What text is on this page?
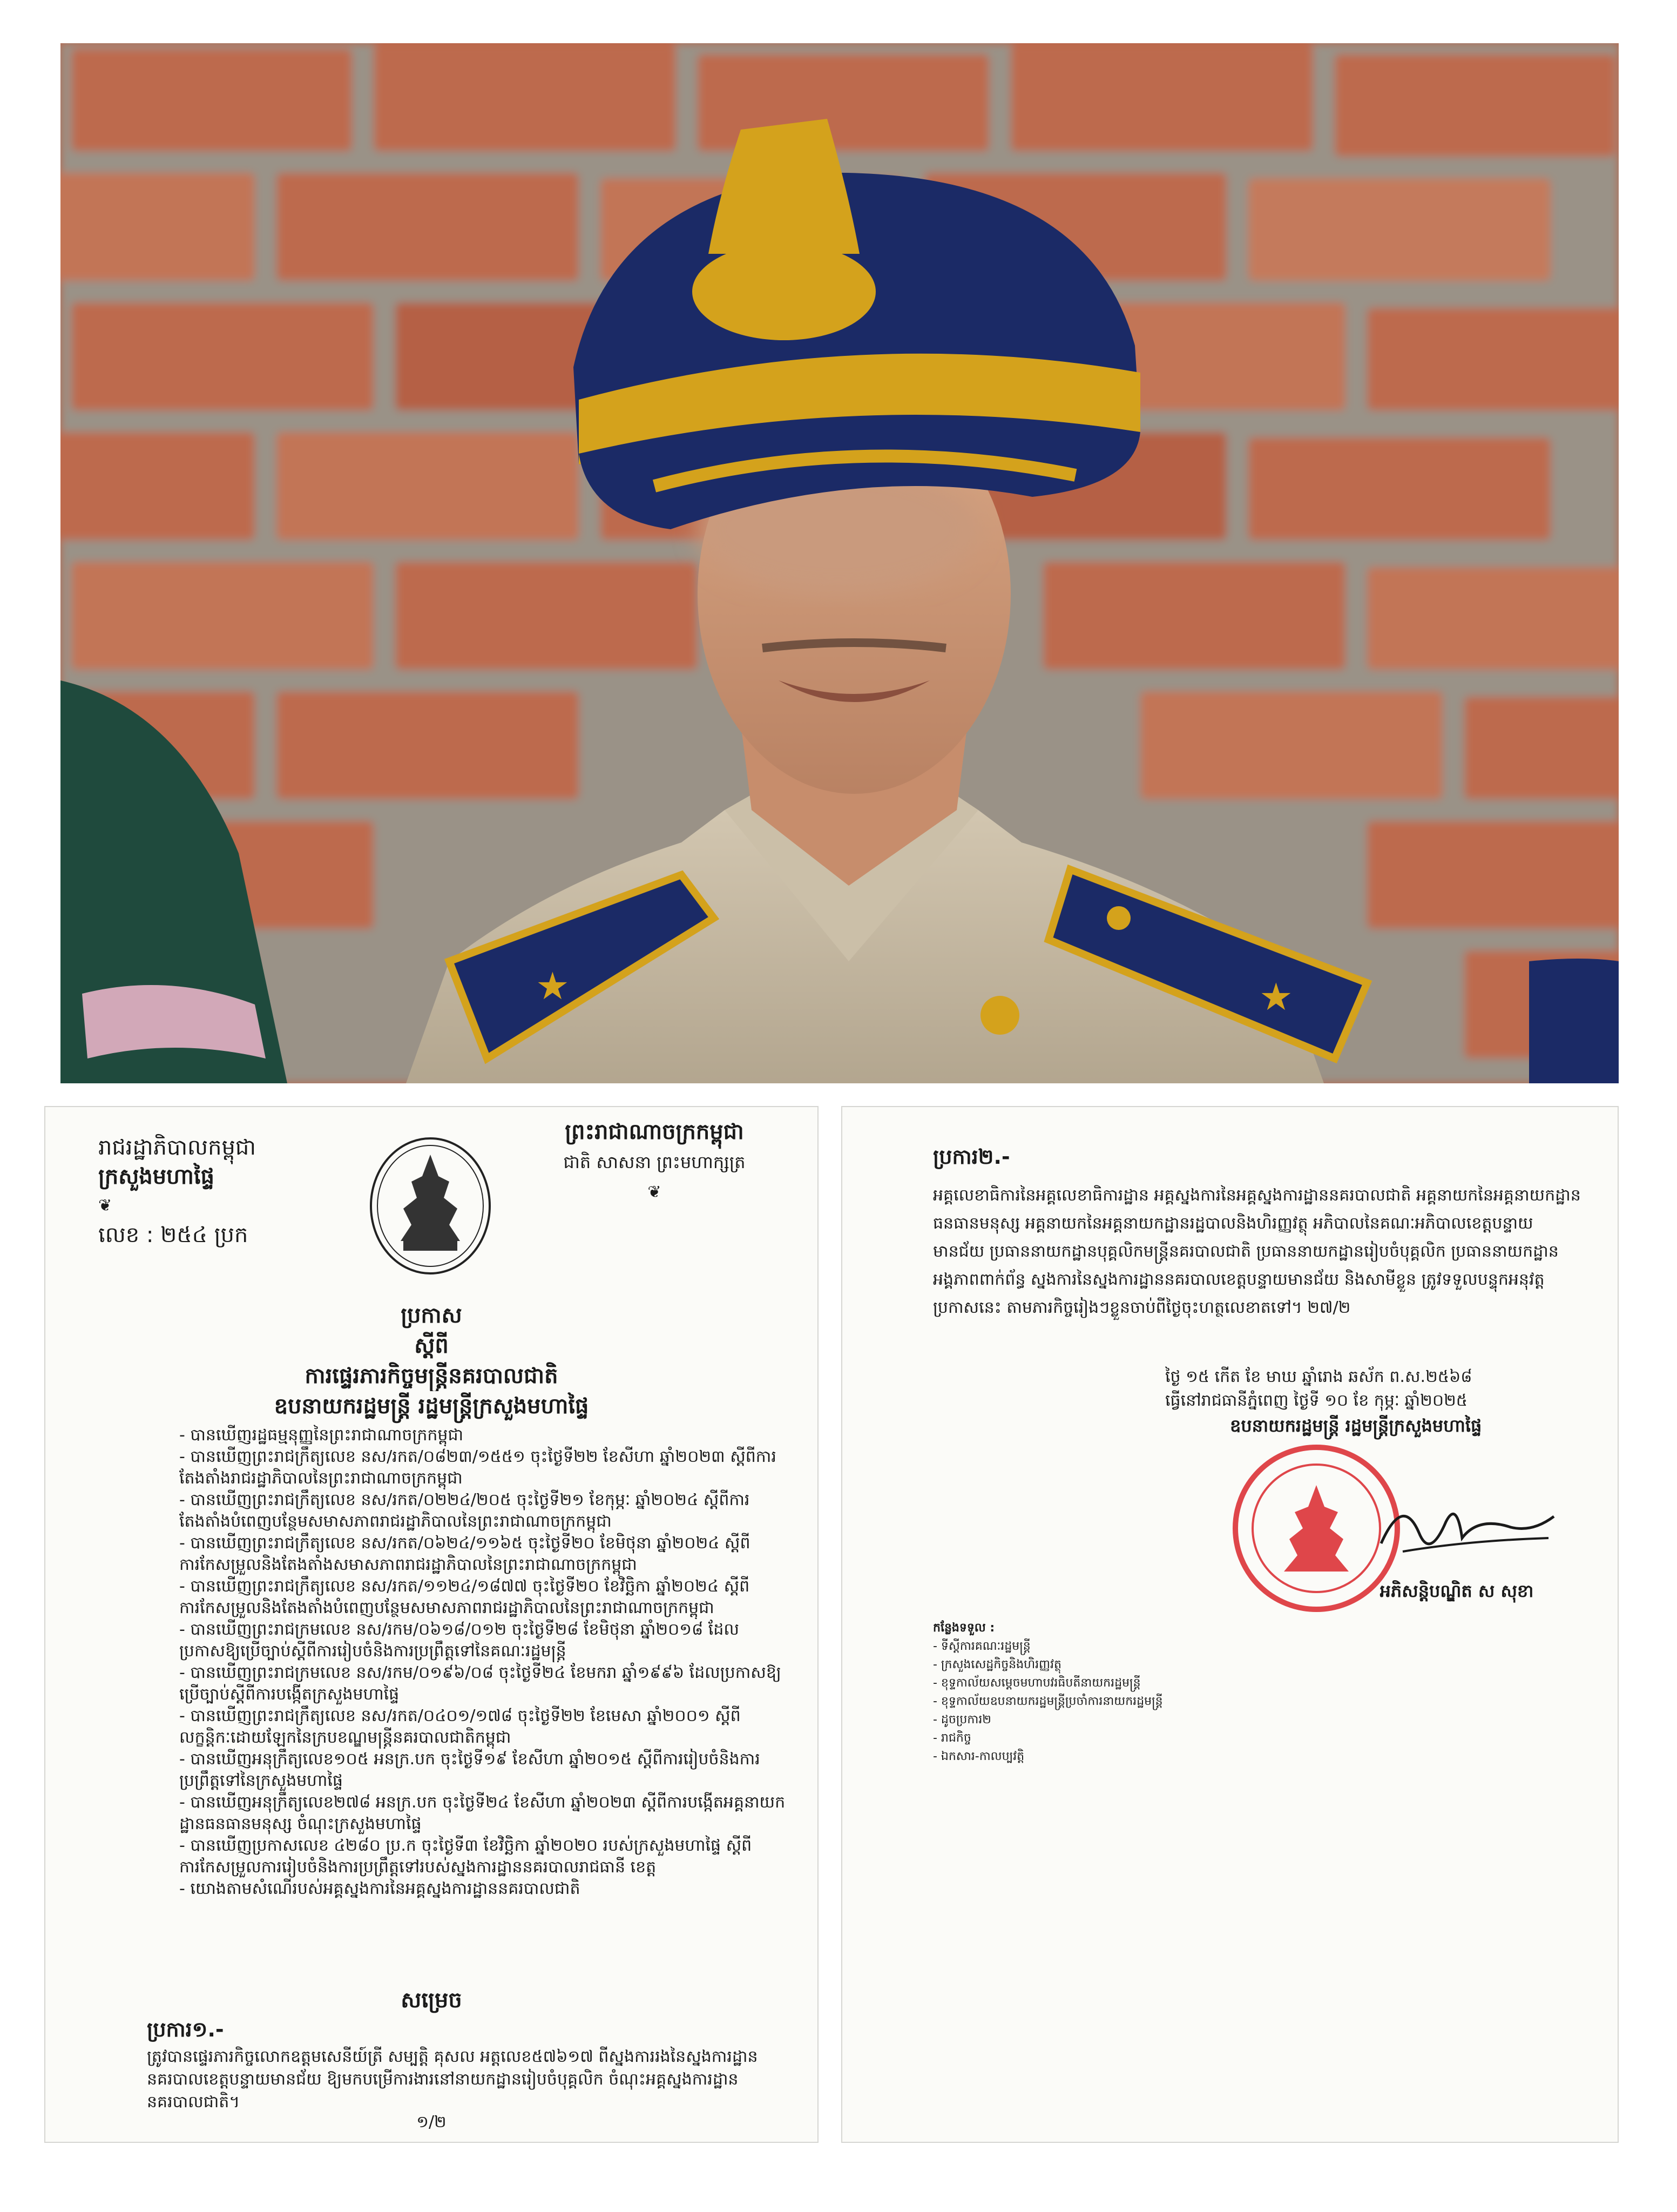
★	★
រាជរដ្ឋាភិបាលកម្ពុជា
ក្រសួងមហាផ្ទៃ
❦
លេខ : ២៥៤ ប្រក
ព្រះរាជាណាចក្រកម្ពុជា
ជាតិ សាសនា ព្រះមហាក្សត្រ
❦
ប្រកាស
ស្តីពី
ការផ្ទេរភារកិច្ចមន្ត្រីនគរបាលជាតិ
ឧបនាយករដ្ឋមន្ត្រី រដ្ឋមន្ត្រីក្រសួងមហាផ្ទៃ

- បានឃើញរដ្ឋធម្មនុញ្ញនៃព្រះរាជាណាចក្រកម្ពុជា

- បានឃើញព្រះរាជក្រឹត្យលេខ នស/រកត/០៨២៣/១៥៥១ ចុះថ្ងៃទី២២ ខែសីហា ឆ្នាំ២០២៣ ស្តីពីការតែងតាំងរាជរដ្ឋាភិបាលនៃព្រះរាជាណាចក្រកម្ពុជា

- បានឃើញព្រះរាជក្រឹត្យលេខ នស/រកត/០២២៤/២០៥ ចុះថ្ងៃទី២១ ខែកុម្ភៈ ឆ្នាំ២០២៤ ស្តីពីការតែងតាំងបំពេញបន្ថែមសមាសភាពរាជរដ្ឋាភិបាលនៃព្រះរាជាណាចក្រកម្ពុជា

- បានឃើញព្រះរាជក្រឹត្យលេខ នស/រកត/០៦២៤/១១៦៥ ចុះថ្ងៃទី២០ ខែមិថុនា ឆ្នាំ២០២៤ ស្តីពីការកែសម្រួលនិងតែងតាំងសមាសភាពរាជរដ្ឋាភិបាលនៃព្រះរាជាណាចក្រកម្ពុជា

- បានឃើញព្រះរាជក្រឹត្យលេខ នស/រកត/១១២៤/១៨៧៧ ចុះថ្ងៃទី២០ ខែវិច្ឆិកា ឆ្នាំ២០២៤ ស្តីពីការកែសម្រួលនិងតែងតាំងបំពេញបន្ថែមសមាសភាពរាជរដ្ឋាភិបាលនៃព្រះរាជាណាចក្រកម្ពុជា

- បានឃើញព្រះរាជក្រមលេខ នស/រកម/០៦១៨/០១២ ចុះថ្ងៃទី២៨ ខែមិថុនា ឆ្នាំ២០១៨ ដែលប្រកាសឱ្យប្រើច្បាប់ស្តីពីការរៀបចំនិងការប្រព្រឹត្តទៅនៃគណៈរដ្ឋមន្ត្រី

- បានឃើញព្រះរាជក្រមលេខ នស/រកម/០១៩៦/០៨ ចុះថ្ងៃទី២៤ ខែមករា ឆ្នាំ១៩៩៦ ដែលប្រកាសឱ្យប្រើច្បាប់ស្តីពីការបង្កើតក្រសួងមហាផ្ទៃ

- បានឃើញព្រះរាជក្រឹត្យលេខ នស/រកត/០៤០១/១៧៨ ចុះថ្ងៃទី២២ ខែមេសា ឆ្នាំ២០០១ ស្តីពីលក្ខន្តិកៈដោយឡែកនៃក្របខណ្ឌមន្ត្រីនគរបាលជាតិកម្ពុជា

- បានឃើញអនុក្រឹត្យលេខ១០៥ អនក្រ.បក ចុះថ្ងៃទី១៩ ខែសីហា ឆ្នាំ២០១៥ ស្តីពីការរៀបចំនិងការប្រព្រឹត្តទៅនៃក្រសួងមហាផ្ទៃ

- បានឃើញអនុក្រឹត្យលេខ២៧៨ អនក្រ.បក ចុះថ្ងៃទី២៤ ខែសីហា ឆ្នាំ២០២៣ ស្តីពីការបង្កើតអគ្គនាយកដ្ឋានធនធានមនុស្ស ចំណុះក្រសួងមហាផ្ទៃ

- បានឃើញប្រកាសលេខ ៤២៨០ ប្រ.ក ចុះថ្ងៃទី៣ ខែវិច្ឆិកា ឆ្នាំ២០២០ របស់ក្រសួងមហាផ្ទៃ ស្តីពីការកែសម្រួលការរៀបចំនិងការប្រព្រឹត្តទៅរបស់ស្នងការដ្ឋាននគរបាលរាជធានី ខេត្ត

- យោងតាមសំណើរបស់អគ្គស្នងការនៃអគ្គស្នងការដ្ឋាននគរបាលជាតិ

សម្រេច
ប្រការ១.-
ត្រូវបានផ្ទេរភារកិច្ចលោកឧត្តមសេនីយ៍ត្រី សម្បត្តិ គុសល អត្តលេខ៥៧៦១៧ ពីស្នងការរងនៃស្នងការដ្ឋាននគរបាលខេត្តបន្ទាយមានជ័យ ឱ្យមកបម្រើការងារនៅនាយកដ្ឋានរៀបចំបុគ្គលិក ចំណុះអគ្គស្នងការដ្ឋាននគរបាលជាតិ។
១/២
ប្រការ២.-
អគ្គលេខាធិការនៃអគ្គលេខាធិការដ្ឋាន អគ្គស្នងការនៃអគ្គស្នងការដ្ឋាននគរបាលជាតិ អគ្គនាយកនៃអគ្គនាយកដ្ឋានធនធានមនុស្ស អគ្គនាយកនៃអគ្គនាយកដ្ឋានរដ្ឋបាលនិងហិរញ្ញវត្ថុ អភិបាលនៃគណៈអភិបាលខេត្តបន្ទាយមានជ័យ ប្រធាននាយកដ្ឋានបុគ្គលិកមន្ត្រីនគរបាលជាតិ ប្រធាននាយកដ្ឋានរៀបចំបុគ្គលិក ប្រធាននាយកដ្ឋាន អង្គភាពពាក់ព័ន្ធ ស្នងការនៃស្នងការដ្ឋាននគរបាលខេត្តបន្ទាយមានជ័យ និងសាមីខ្លួន ត្រូវទទួលបន្ទុកអនុវត្តប្រកាសនេះ តាមភារកិច្ចរៀងៗខ្លួនចាប់ពីថ្ងៃចុះហត្ថលេខាតទៅ។ ២៧/២
ថ្ងៃ ១៥ កើត ខែ មាឃ ឆ្នាំរោង ឆស័ក ព.ស.២៥៦៨
ធ្វើនៅរាជធានីភ្នំពេញ ថ្ងៃទី ១០ ខែ កុម្ភៈ ឆ្នាំ២០២៥
ឧបនាយករដ្ឋមន្ត្រី រដ្ឋមន្ត្រីក្រសួងមហាផ្ទៃ
អភិសន្តិបណ្ឌិត ស សុខា
កន្លែងទទួល :
- ទីស្តីការគណៈរដ្ឋមន្ត្រី
- ក្រសួងសេដ្ឋកិច្ចនិងហិរញ្ញវត្ថុ
- ខុទ្ទកាល័យសម្តេចមហាបវរធិបតីនាយករដ្ឋមន្ត្រី
- ខុទ្ទកាល័យឧបនាយករដ្ឋមន្ត្រីប្រចាំការនាយករដ្ឋមន្ត្រី
- ដូចប្រការ២
- រាជកិច្ច
- ឯកសារ-កាលប្បវត្តិ
